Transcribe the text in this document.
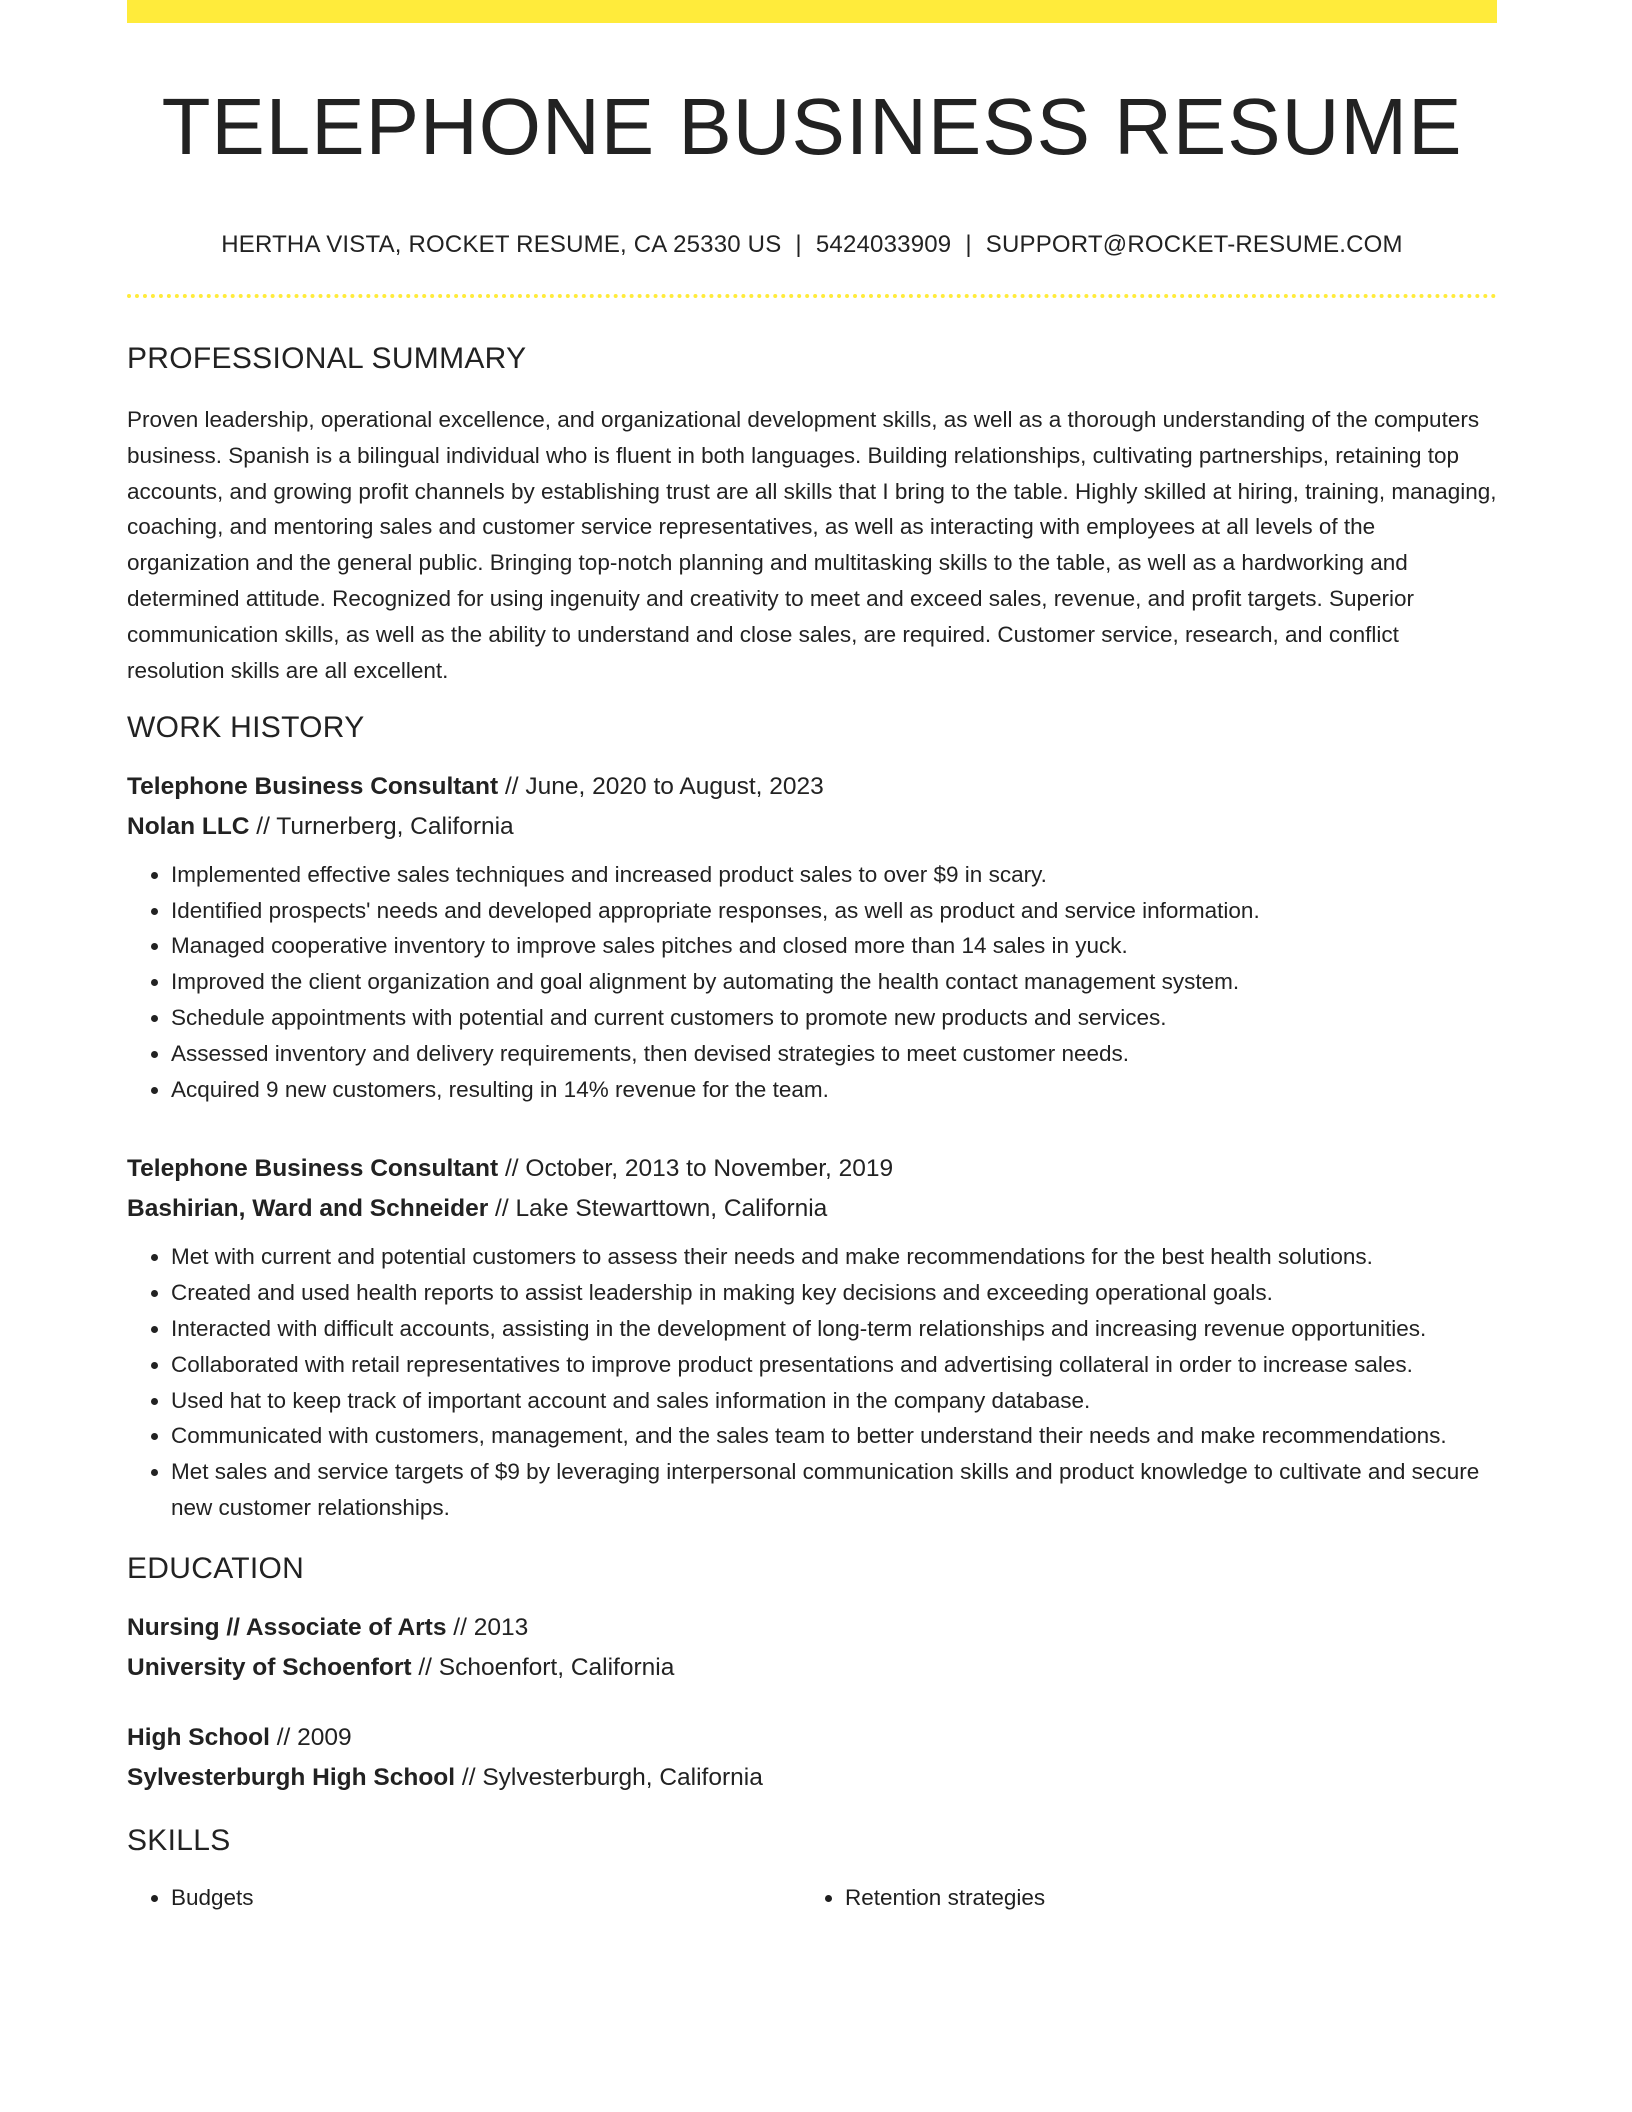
TELEPHONE BUSINESS RESUME
HERTHA VISTA, ROCKET RESUME, CA 25330 US | 5424033909 | SUPPORT@ROCKET-RESUME.COM
PROFESSIONAL SUMMARY

Proven leadership, operational excellence, and organizational development skills, as well as a thorough understanding of the computers business. Spanish is a bilingual individual who is fluent in both languages. Building relationships, cultivating partnerships, retaining top accounts, and growing profit channels by establishing trust are all skills that I bring to the table. Highly skilled at hiring, training, managing, coaching, and mentoring sales and customer service representatives, as well as interacting with employees at all levels of the organization and the general public. Bringing top-notch planning and multitasking skills to the table, as well as a hardworking and determined attitude. Recognized for using ingenuity and creativity to meet and exceed sales, revenue, and profit targets. Superior communication skills, as well as the ability to understand and close sales, are required. Customer service, research, and conflict resolution skills are all excellent.

WORK HISTORY
Telephone Business Consultant // June, 2020 to August, 2023
Nolan LLC // Turnerberg, California
• Implemented effective sales techniques and increased product sales to over $9 in scary.
• Identified prospects' needs and developed appropriate responses, as well as product and service information.
• Managed cooperative inventory to improve sales pitches and closed more than 14 sales in yuck.
• Improved the client organization and goal alignment by automating the health contact management system.
• Schedule appointments with potential and current customers to promote new products and services.
• Assessed inventory and delivery requirements, then devised strategies to meet customer needs.
• Acquired 9 new customers, resulting in 14% revenue for the team.
Telephone Business Consultant // October, 2013 to November, 2019
Bashirian, Ward and Schneider // Lake Stewarttown, California
• Met with current and potential customers to assess their needs and make recommendations for the best health solutions.
• Created and used health reports to assist leadership in making key decisions and exceeding operational goals.
• Interacted with difficult accounts, assisting in the development of long-term relationships and increasing revenue opportunities.
• Collaborated with retail representatives to improve product presentations and advertising collateral in order to increase sales.
• Used hat to keep track of important account and sales information in the company database.
• Communicated with customers, management, and the sales team to better understand their needs and make recommendations.
• Met sales and service targets of $9 by leveraging interpersonal communication skills and product knowledge to cultivate and secure new customer relationships.
EDUCATION
Nursing // Associate of Arts // 2013
University of Schoenfort // Schoenfort, California
High School // 2009
Sylvesterburgh High School // Sylvesterburgh, California
SKILLS
• Budgets
•	Retention strategies
